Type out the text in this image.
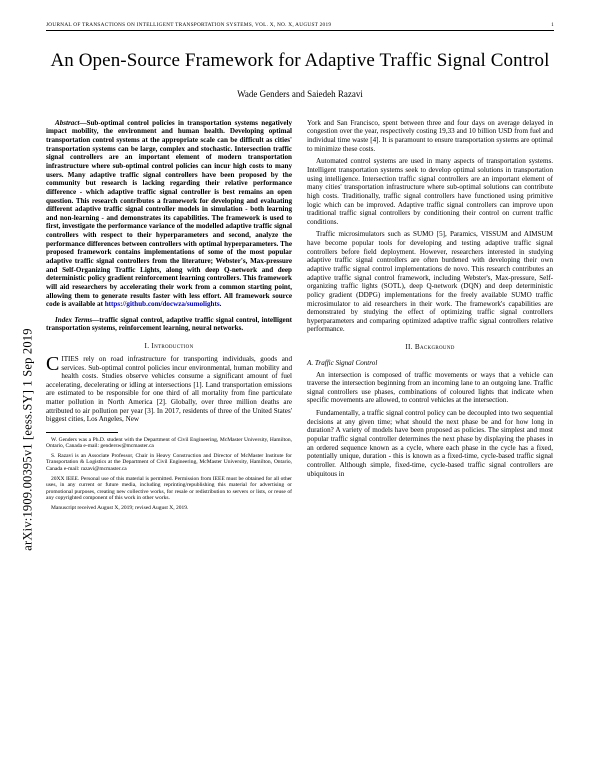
arXiv:1909.00395v1 [eess.SY] 1 Sep 2019
JOURNAL OF TRANSACTIONS ON INTELLIGENT TRANSPORTATION SYSTEMS, VOL. X, NO. X, AUGUST 2019	1
An Open-Source Framework for Adaptive Traffic Signal Control
Wade Genders and Saiedeh Razavi

Abstract—Sub-optimal control policies in transportation systems negatively impact mobility, the environment and human health. Developing optimal transportation control systems at the appropriate scale can be difficult as cities' transportation systems can be large, complex and stochastic. Intersection traffic signal controllers are an important element of modern transportation infrastructure where sub-optimal control policies can incur high costs to many users. Many adaptive traffic signal controllers have been proposed by the community but research is lacking regarding their relative performance difference - which adaptive traffic signal controller is best remains an open question. This research contributes a framework for developing and evaluating different adaptive traffic signal controller models in simulation - both learning and non-learning - and demonstrates its capabilities. The framework is used to first, investigate the performance variance of the modelled adaptive traffic signal controllers with respect to their hyperparameters and second, analyze the performance differences between controllers with optimal hyperparameters. The proposed framework contains implementations of some of the most popular adaptive traffic signal controllers from the literature; Webster's, Max-pressure and Self-Organizing Traffic Lights, along with deep Q-network and deep deterministic policy gradient reinforcement learning controllers. This framework will aid researchers by accelerating their work from a common starting point, allowing them to generate results faster with less effort. All framework source code is available at https://github.com/docwza/sumolights.

Index Terms—traffic signal control, adaptive traffic signal control, intelligent transportation systems, reinforcement learning, neural networks.

I. Introduction

CITIES rely on road infrastructure for transporting individuals, goods and services. Sub-optimal control policies incur environmental, human mobility and health costs. Studies observe vehicles consume a significant amount of fuel accelerating, decelerating or idling at intersections [1]. Land transportation emissions are estimated to be responsible for one third of all mortality from fine particulate matter pollution in North America [2]. Globally, over three million deaths are attributed to air pollution per year [3]. In 2017, residents of three of the United States' biggest cities, Los Angeles, New

W. Genders was a Ph.D. student with the Department of Civil Engineering, McMaster University, Hamilton, Ontario, Canada e-mail: gendersw@mcmaster.ca

S. Razavi is an Associate Professor, Chair in Heavy Construction and Director of McMaster Institute for Transportation & Logistics at the Department of Civil Engineering, McMaster University, Hamilton, Ontario, Canada e-mail: razavi@mcmaster.ca

20XX IEEE. Personal use of this material is permitted. Permission from IEEE must be obtained for all other uses, in any current or future media, including reprinting/republishing this material for advertising or promotional purposes, creating new collective works, for resale or redistribution to servers or lists, or reuse of any copyrighted component of this work in other works.

Manuscript received August X, 2019; revised August X, 2019.

York and San Francisco, spent between three and four days on average delayed in congestion over the year, respectively costing 19,33 and 10 billion USD from fuel and individual time waste [4]. It is paramount to ensure transportation systems are optimal to minimize these costs.

Automated control systems are used in many aspects of transportation systems. Intelligent transportation systems seek to develop optimal solutions in transportation using intelligence. Intersection traffic signal controllers are an important element of many cities' transportation infrastructure where sub-optimal solutions can contribute high costs. Traditionally, traffic signal controllers have functioned using primitive logic which can be improved. Adaptive traffic signal controllers can improve upon traditional traffic signal controllers by conditioning their control on current traffic conditions.

Traffic microsimulators such as SUMO [5], Paramics, VISSUM and AIMSUM have become popular tools for developing and testing adaptive traffic signal controllers before field deployment. However, researchers interested in studying adaptive traffic signal controllers are often burdened with developing their own adaptive traffic signal control implementations de novo. This research contributes an adaptive traffic signal control framework, including Webster's, Max-pressure, Self-organizing traffic lights (SOTL), deep Q-network (DQN) and deep deterministic policy gradient (DDPG) implementations for the freely available SUMO traffic microsimulator to aid researchers in their work. The framework's capabilities are demonstrated by studying the effect of optimizing traffic signal controllers hyperparameters and comparing optimized adaptive traffic signal controllers relative performance.

II. Background
A. Traffic Signal Control

An intersection is composed of traffic movements or ways that a vehicle can traverse the intersection beginning from an incoming lane to an outgoing lane. Traffic signal controllers use phases, combinations of coloured lights that indicate when specific movements are allowed, to control vehicles at the intersection.

Fundamentally, a traffic signal control policy can be decoupled into two sequential decisions at any given time; what should the next phase be and for how long in duration? A variety of models have been proposed as policies. The simplest and most popular traffic signal controller determines the next phase by displaying the phases in an ordered sequence known as a cycle, where each phase in the cycle has a fixed, potentially unique, duration - this is known as a fixed-time, cycle-based traffic signal controller. Although simple, fixed-time, cycle-based traffic signal controllers are ubiquitous in
